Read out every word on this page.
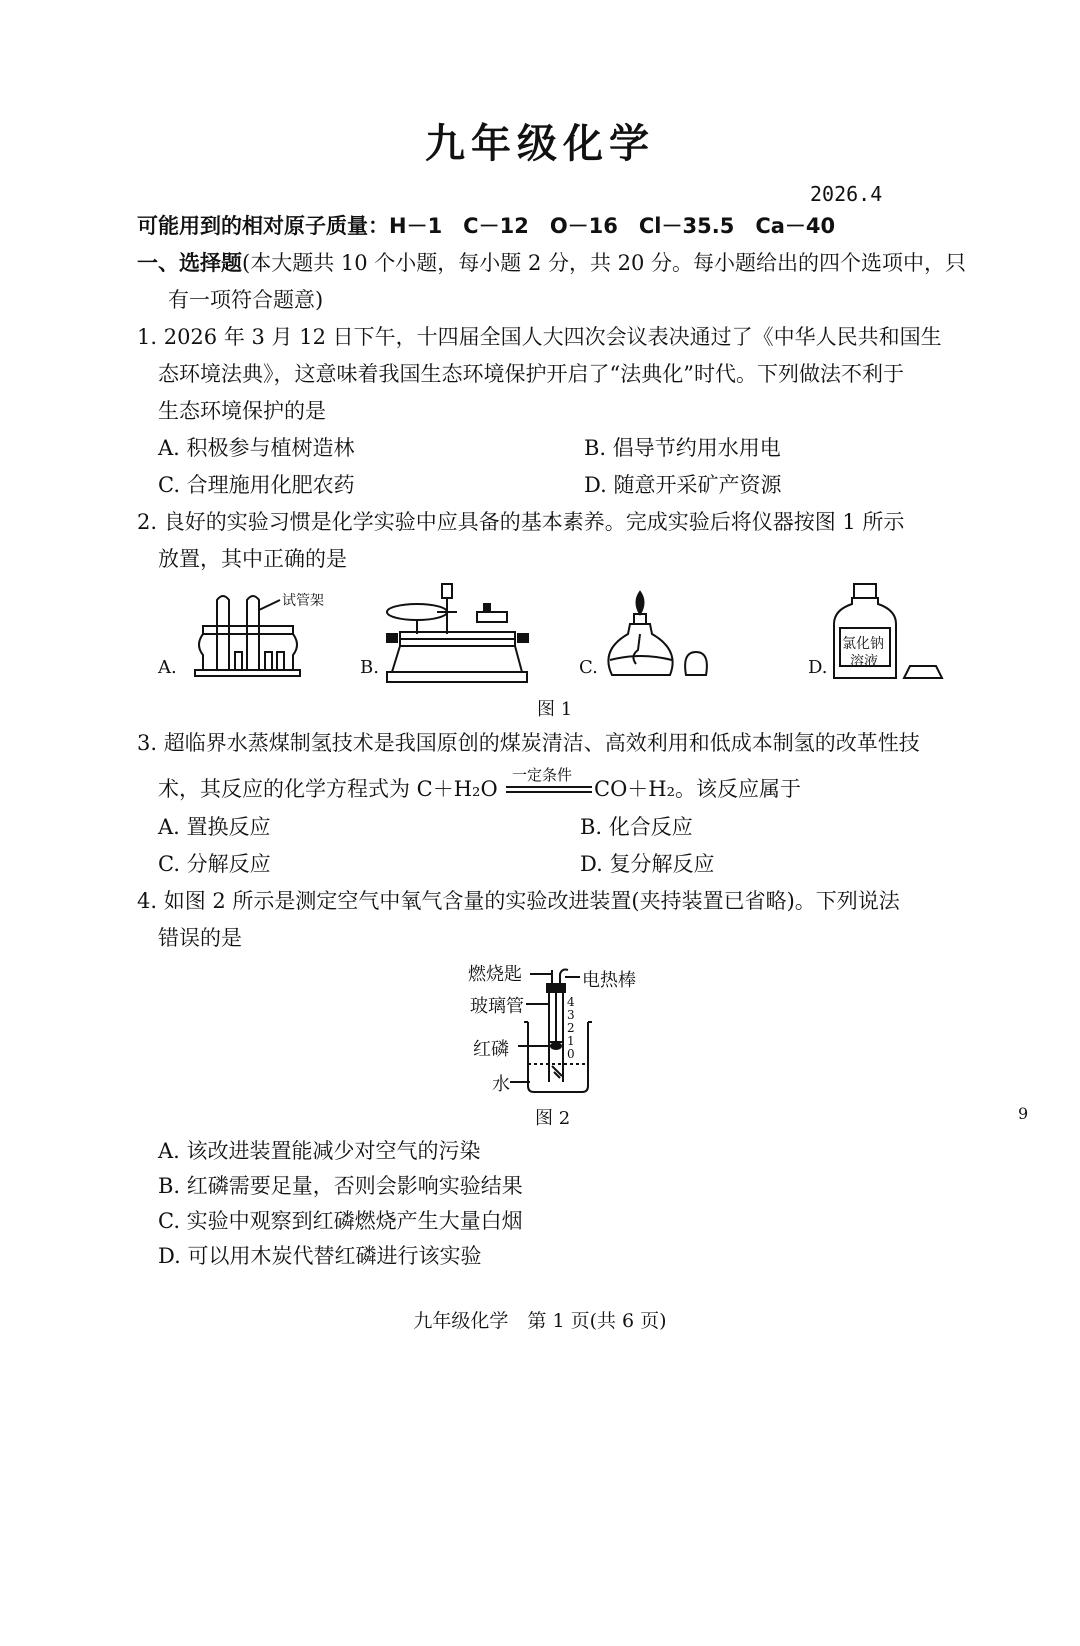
九年级化学
2026.4
可能用到的相对原子质量：H－1　C－12　O－16　Cl－35.5　Ca－40
一、选择题(本大题共 10 个小题，每小题 2 分，共 20 分。每小题给出的四个选项中，只
有一项符合题意)
1. 2026 年 3 月 12 日下午，十四届全国人大四次会议表决通过了《中华人民共和国生
态环境法典》，这意味着我国生态环境保护开启了“法典化”时代。下列做法不利于
生态环境保护的是
A. 积极参与植树造林	B. 倡导节约用水用电
C. 合理施用化肥农药	D. 随意开采矿产资源
2. 良好的实验习惯是化学实验中应具备的基本素养。完成实验后将仪器按图 1 所示
放置，其中正确的是
A.
试管架
B.	C.	D.
氯化钠
溶液
图 1
3. 超临界水蒸煤制氢技术是我国原创的煤炭清洁、高效利用和低成本制氢的改革性技
术，其反应的化学方程式为 C＋H₂O
一定条件
CO＋H₂。该反应属于
A. 置换反应	B. 化合反应
C. 分解反应	D. 复分解反应
4. 如图 2 所示是测定空气中氧气含量的实验改进装置(夹持装置已省略)。下列说法
错误的是
燃烧匙	电热棒
玻璃管
红磷
水
4
3
2
1
0
图 2	9
A. 该改进装置能减少对空气的污染
B. 红磷需要足量，否则会影响实验结果
C. 实验中观察到红磷燃烧产生大量白烟
D. 可以用木炭代替红磷进行该实验
九年级化学　第 1 页(共 6 页)
